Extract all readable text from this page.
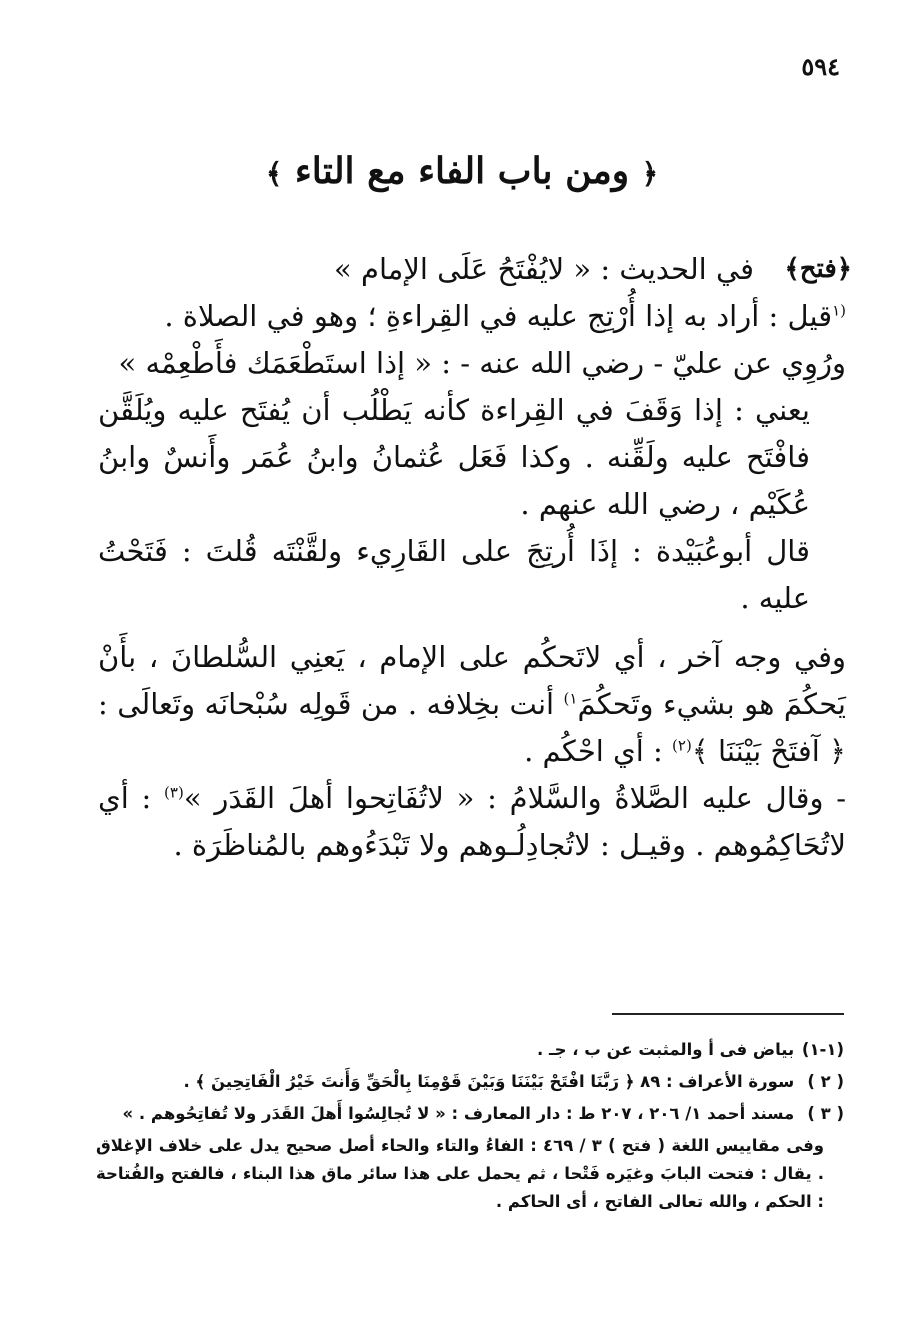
٥٩٤
﴿ ومن باب الفاء مع التاء ﴾

﴿فتح﴾
في الحديث : « لايُفْتَحُ عَلَى الإمام »

$^{(١}$قيل : أراد به إذا أُرْتِج عليه في القِراءةِ ؛ وهو في الصلاة .

ورُوِي عن عليّ - رضي الله عنه - : « إذا استَطْعَمَك فأَطْعِمْه »

يعني : إذا وَقَفَ في القِراءة كأنه يَطْلُب أن يُفتَح عليه ويُلَقَّن فافْتَح عليه ولَقِّنه . وكذا فَعَل عُثمانُ وابنُ عُمَر وأَنسٌ وابنُ عُكَيْم ، رضي الله عنهم .

قال أبوعُبَيْدة : إذَا أُرتِجَ على القَارِيء ولقَّنْتَه قُلتَ : فَتَحْتُ عليه .

وفي وجه آخر ، أي لاتَحكُم على الإمام ، يَعنِي السُّلطانَ ، بأَنْ يَحكُمَ هو بشيء وتَحكُمَ$^{١)}$ أنت بخِلافه . من قَولِه سُبْحانَه وتَعالَى : ﴿ آفتَحْ بَيْنَنَا ﴾$^{(٢)}$ : أي احْكُم .

- وقال عليه الصَّلاةُ والسَّلامُ : « لاتُفَاتِحوا أهلَ القَدَر »$^{(٣)}$ : أي لاتُحَاكِمُوهم . وقيـل : لاتُجادِلُـوهم ولا تَبْدَءُوهم بالمُناظَرَة .

(١-١) بياض فى أ والمثبت عن ب ، جـ .

( ٢ ) سورة الأعراف : ٨٩ ﴿ رَبَّنَا افْتَحْ بَيْنَنَا وَبَيْنَ قَوْمِنَا بِالْحَقِّ وَأَنتَ خَيْرُ الْفَاتِحِينَ ﴾ .

( ٣ ) مسند أحمد ١/ ٢٠٦ ، ٢٠٧ ط : دار المعارف : « لا تُجالِسُوا أَهلَ القَدَر ولا تُفاتِحُوهم . »

وفى مقاييس اللغة ( فتح ) ٣ / ٤٦٩ : الفاءُ والتاء والحاء أصل صحيح يدل على خلاف الإغلاق . يقال : فتحت البابَ وغيَره فَتْحا ، ثم يحمل على هذا سائر ماق هذا البناء ، فالفتح والفُتاحة : الحكم ، والله تعالى الفاتح ، أى الحاكم .
